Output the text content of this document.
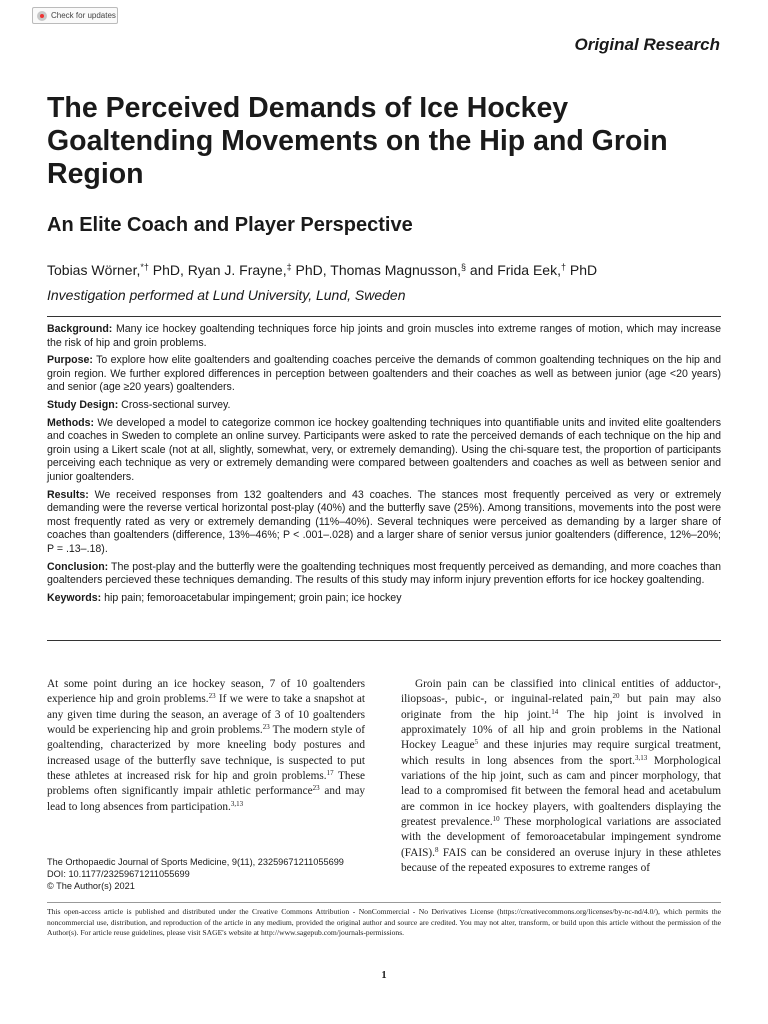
Check for updates
Original Research
The Perceived Demands of Ice Hockey Goaltending Movements on the Hip and Groin Region
An Elite Coach and Player Perspective
Tobias Wörner,*† PhD, Ryan J. Frayne,‡ PhD, Thomas Magnusson,§ and Frida Eek,† PhD
Investigation performed at Lund University, Lund, Sweden

Background: Many ice hockey goaltending techniques force hip joints and groin muscles into extreme ranges of motion, which may increase the risk of hip and groin problems.

Purpose: To explore how elite goaltenders and goaltending coaches perceive the demands of common goaltending techniques on the hip and groin region. We further explored differences in perception between goaltenders and their coaches as well as between junior (age <20 years) and senior (age ≥20 years) goaltenders.

Study Design: Cross-sectional survey.

Methods: We developed a model to categorize common ice hockey goaltending techniques into quantifiable units and invited elite goaltenders and coaches in Sweden to complete an online survey. Participants were asked to rate the perceived demands of each technique on the hip and groin using a Likert scale (not at all, slightly, somewhat, very, or extremely demanding). Using the chi-square test, the proportion of participants perceiving each technique as very or extremely demanding were compared between goaltenders and coaches as well as between senior and junior goaltenders.

Results: We received responses from 132 goaltenders and 43 coaches. The stances most frequently perceived as very or extremely demanding were the reverse vertical horizontal post-play (40%) and the butterfly save (25%). Among transitions, movements into the post were most frequently rated as very or extremely demanding (11%–40%). Several techniques were perceived as demanding by a larger share of coaches than goaltenders (difference, 13%–46%; P < .001–.028) and a larger share of senior versus junior goaltenders (difference, 12%–20%; P = .13–.18).

Conclusion: The post-play and the butterfly were the goaltending techniques most frequently perceived as demanding, and more coaches than goaltenders percieved these techniques demanding. The results of this study may inform injury prevention efforts for ice hockey goaltending.

Keywords: hip pain; femoroacetabular impingement; groin pain; ice hockey

At some point during an ice hockey season, 7 of 10 goaltenders experience hip and groin problems.$^{23}$ If we were to take a snapshot at any given time during the season, an average of 3 of 10 goaltenders would be experiencing hip and groin problems.$^{23}$ The modern style of goaltending, characterized by more kneeling body postures and increased usage of the butterfly save technique, is suspected to put these athletes at increased risk for hip and groin problems.$^{17}$ These problems often significantly impair athletic performance$^{23}$ and may lead to long absences from participation.$^{3,13}$
Groin pain can be classified into clinical entities of adductor-, iliopsoas-, pubic-, or inguinal-related pain,$^{20}$ but pain may also originate from the hip joint.$^{14}$ The hip joint is involved in approximately 10% of all hip and groin problems in the National Hockey League$^5$ and these injuries may require surgical treatment, which results in long absences from the sport.$^{3,13}$ Morphological variations of the hip joint, such as cam and pincer morphology, that lead to a compromised fit between the femoral head and acetabulum are common in ice hockey players, with goaltenders displaying the greatest prevalence.$^{10}$ These morphological variations are associated with the development of femoroacetabular impingement syndrome (FAIS).$^8$ FAIS can be considered an overuse injury in these athletes because of the repeated exposures to extreme ranges of
The Orthopaedic Journal of Sports Medicine, 9(11), 23259671211055699
DOI: 10.1177/23259671211055699
© The Author(s) 2021
This open-access article is published and distributed under the Creative Commons Attribution - NonCommercial - No Derivatives License (https://creativecommons.org/licenses/by-nc-nd/4.0/), which permits the noncommercial use, distribution, and reproduction of the article in any medium, provided the original author and source are credited. You may not alter, transform, or build upon this article without the permission of the Author(s). For article reuse guidelines, please visit SAGE's website at http://www.sagepub.com/journals-permissions.
1
